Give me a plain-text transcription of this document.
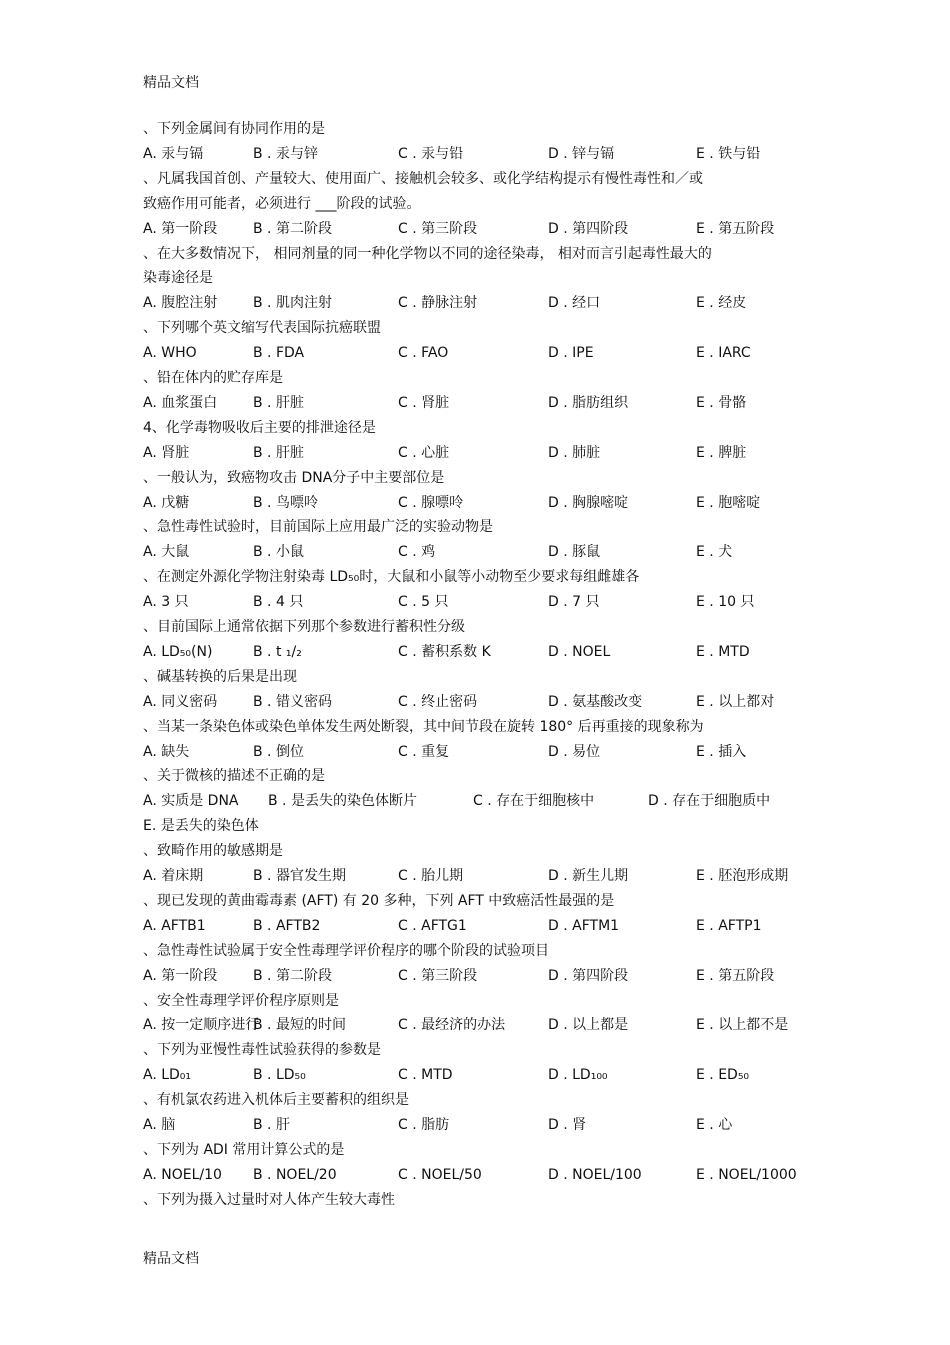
精品文档
、下列金属间有协同作用的是
A. 汞与镉	B . 汞与锌	C . 汞与铅	D . 锌与镉	E . 铁与铅
、凡属我国首创、产量较大、使用面广、接触机会较多、或化学结构提示有慢性毒性和／或
致癌作用可能者，必须进行 ___阶段的试验。
A. 第一阶段	B . 第二阶段	C . 第三阶段	D . 第四阶段	E . 第五阶段
、在大多数情况下， 相同剂量的同一种化学物以不同的途径染毒， 相对而言引起毒性最大的
染毒途径是
A. 腹腔注射	B . 肌肉注射	C . 静脉注射	D . 经口	E . 经皮
、下列哪个英文缩写代表国际抗癌联盟
A. WHO	B . FDA	C . FAO	D . IPE	E . IARC
、铅在体内的贮存库是
A. 血浆蛋白	B . 肝脏	C . 肾脏	D . 脂肪组织	E . 骨骼
4、化学毒物吸收后主要的排泄途径是
A. 肾脏	B . 肝脏	C . 心脏	D . 肺脏	E . 脾脏
、一般认为，致癌物攻击 DNA分子中主要部位是
A. 戊糖	B . 鸟嘌呤	C . 腺嘌呤	D . 胸腺嘧啶	E . 胞嘧啶
、急性毒性试验时，目前国际上应用最广泛的实验动物是
A. 大鼠	B . 小鼠	C . 鸡	D . 豚鼠	E . 犬
、在测定外源化学物注射染毒 LD₅₀时，大鼠和小鼠等小动物至少要求每组雌雄各
A. 3 只	B . 4 只	C . 5 只	D . 7 只	E . 10 只
、目前国际上通常依据下列那个参数进行蓄积性分级
A. LD₅₀(N)	B . t ₁/₂	C . 蓄积系数 K	D . NOEL	E . MTD
、碱基转换的后果是出现
A. 同义密码	B . 错义密码	C . 终止密码	D . 氨基酸改变	E . 以上都对
、当某一条染色体或染色单体发生两处断裂，其中间节段在旋转 180° 后再重接的现象称为
A. 缺失	B . 倒位	C . 重复	D . 易位	E . 插入
、关于微核的描述不正确的是
A. 实质是 DNA B . 是丢失的染色体断片	C . 存在于细胞核中	D . 存在于细胞质中
E. 是丢失的染色体
、致畸作用的敏感期是
A. 着床期	B . 器官发生期	C . 胎儿期	D . 新生儿期	E . 胚泡形成期
、现已发现的黄曲霉毒素 (AFT) 有 20 多种，下列 AFT 中致癌活性最强的是
A. AFTB1	B . AFTB2	C . AFTG1	D . AFTM1	E . AFTP1
、急性毒性试验属于安全性毒理学评价程序的哪个阶段的试验项目
A. 第一阶段	B . 第二阶段	C . 第三阶段	D . 第四阶段	E . 第五阶段
、安全性毒理学评价程序原则是
A. 按一定顺序进行
B . 最短的时间	C . 最经济的办法	D . 以上都是	E . 以上都不是
、下列为亚慢性毒性试验获得的参数是
A. LD₀₁	B . LD₅₀	C . MTD	D . LD₁₀₀	E . ED₅₀
、有机氯农药进入机体后主要蓄积的组织是
A. 脑	B . 肝	C . 脂肪	D . 肾	E . 心
、下列为 ADI 常用计算公式的是
A. NOEL/10 B . NOEL/20	C . NOEL/50	D . NOEL/100	E . NOEL/1000
、下列为摄入过量时对人体产生较大毒性
精品文档
